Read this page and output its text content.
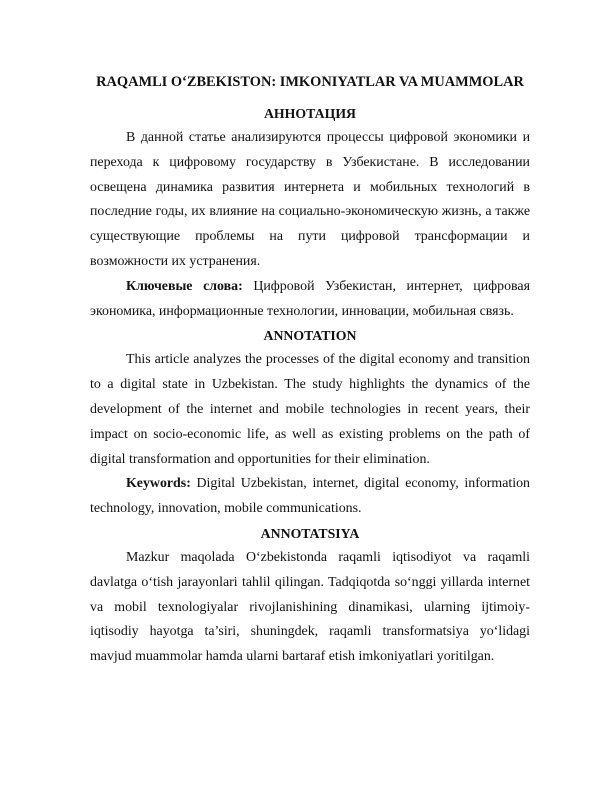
RAQAMLI O‘ZBEKISTON: IMKONIYATLAR VA MUAMMOLAR
АННОТАЦИЯ

В данной статье анализируются процессы цифровой экономики и перехода к цифровому государству в Узбекистане. В исследовании освещена динамика развития интернета и мобильных технологий в последние годы, их влияние на социально-экономическую жизнь, а также существующие проблемы на пути цифровой трансформации и возможности их устранения.

Ключевые слова: Цифровой Узбекистан, интернет, цифровая экономика, информационные технологии, инновации, мобильная связь.

ANNOTATION

This article analyzes the processes of the digital economy and transition to a digital state in Uzbekistan. The study highlights the dynamics of the development of the internet and mobile technologies in recent years, their impact on socio-economic life, as well as existing problems on the path of digital transformation and opportunities for their elimination.

Keywords: Digital Uzbekistan, internet, digital economy, information technology, innovation, mobile communications.

ANNOTATSIYA

Mazkur maqolada O‘zbekistonda raqamli iqtisodiyot va raqamli davlatga o‘tish jarayonlari tahlil qilingan. Tadqiqotda so‘nggi yillarda internet va mobil texnologiyalar rivojlanishining dinamikasi, ularning ijtimoiy-iqtisodiy hayotga ta’siri, shuningdek, raqamli transformatsiya yo‘lidagi mavjud muammolar hamda ularni bartaraf etish imkoniyatlari yoritilgan.
